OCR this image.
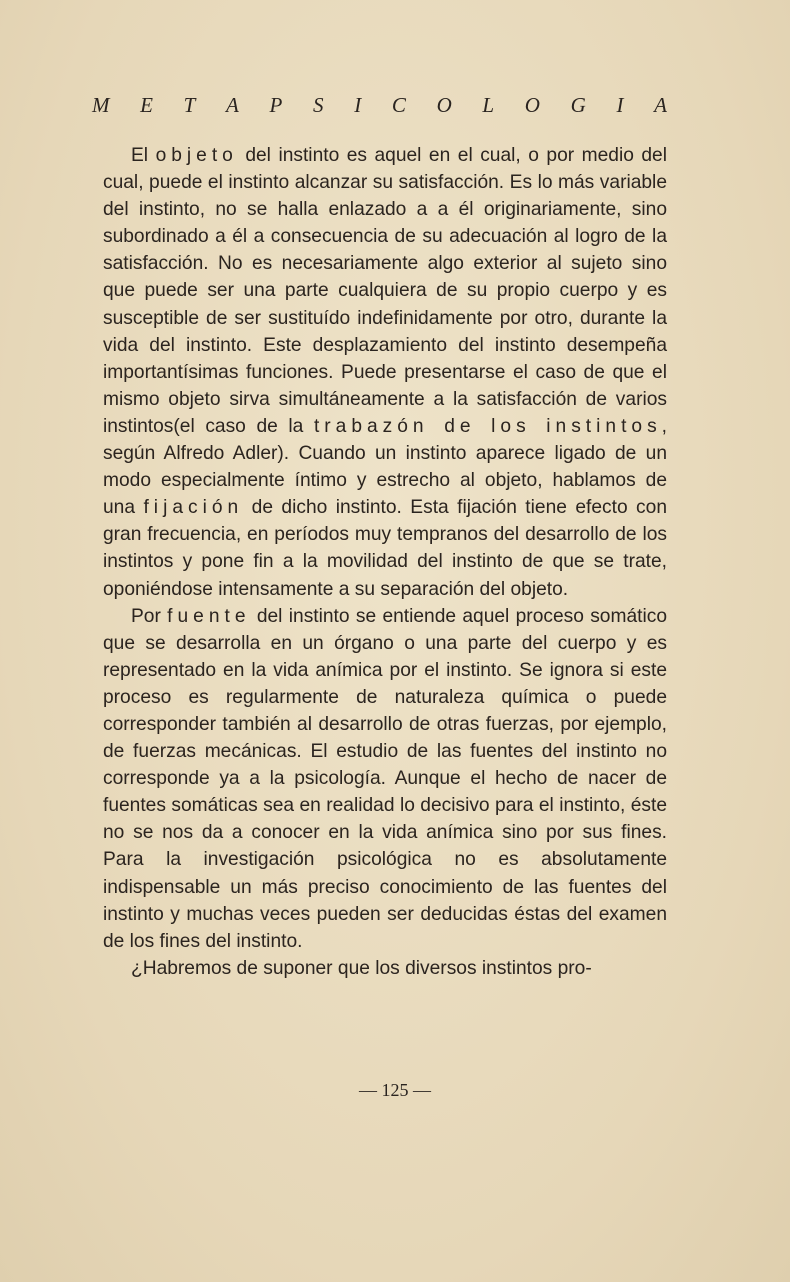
M E T A P S I C O L O G I A

El objeto del instinto es aquel en el cual, o por medio del cual, puede el instinto alcanzar su satisfacción. Es lo más variable del instinto, no se halla enlazado a a él originariamente, sino subordinado a él a consecuencia de su adecuación al logro de la satisfacción. No es necesariamente algo exterior al sujeto sino que puede ser una parte cualquiera de su propio cuerpo y es susceptible de ser sustituído indefinidamente por otro, durante la vida del instinto. Este desplazamiento del instinto desempeña importantísimas funciones. Puede presentarse el caso de que el mismo objeto sirva simultáneamente a la satisfacción de varios instintos(el caso de la trabazón de los instintos, según Alfredo Adler). Cuando un instinto aparece ligado de un modo especialmente íntimo y estrecho al objeto, hablamos de una fijación de dicho instinto. Esta fijación tiene efecto con gran frecuencia, en períodos muy tempranos del desarrollo de los instintos y pone fin a la movilidad del instinto de que se trate, oponiéndose intensamente a su separación del objeto.

Por fuente del instinto se entiende aquel proceso somático que se desarrolla en un órgano o una parte del cuerpo y es representado en la vida anímica por el instinto. Se ignora si este proceso es regularmente de naturaleza química o puede corresponder también al desarrollo de otras fuerzas, por ejemplo, de fuerzas mecánicas. El estudio de las fuentes del instinto no corresponde ya a la psicología. Aunque el hecho de nacer de fuentes somáticas sea en realidad lo decisivo para el instinto, éste no se nos da a conocer en la vida anímica sino por sus fines. Para la investigación psicológica no es absolutamente indispensable un más preciso conocimiento de las fuentes del instinto y muchas veces pueden ser deducidas éstas del examen de los fines del instinto.

¿Habremos de suponer que los diversos instintos pro-

— 125 —
